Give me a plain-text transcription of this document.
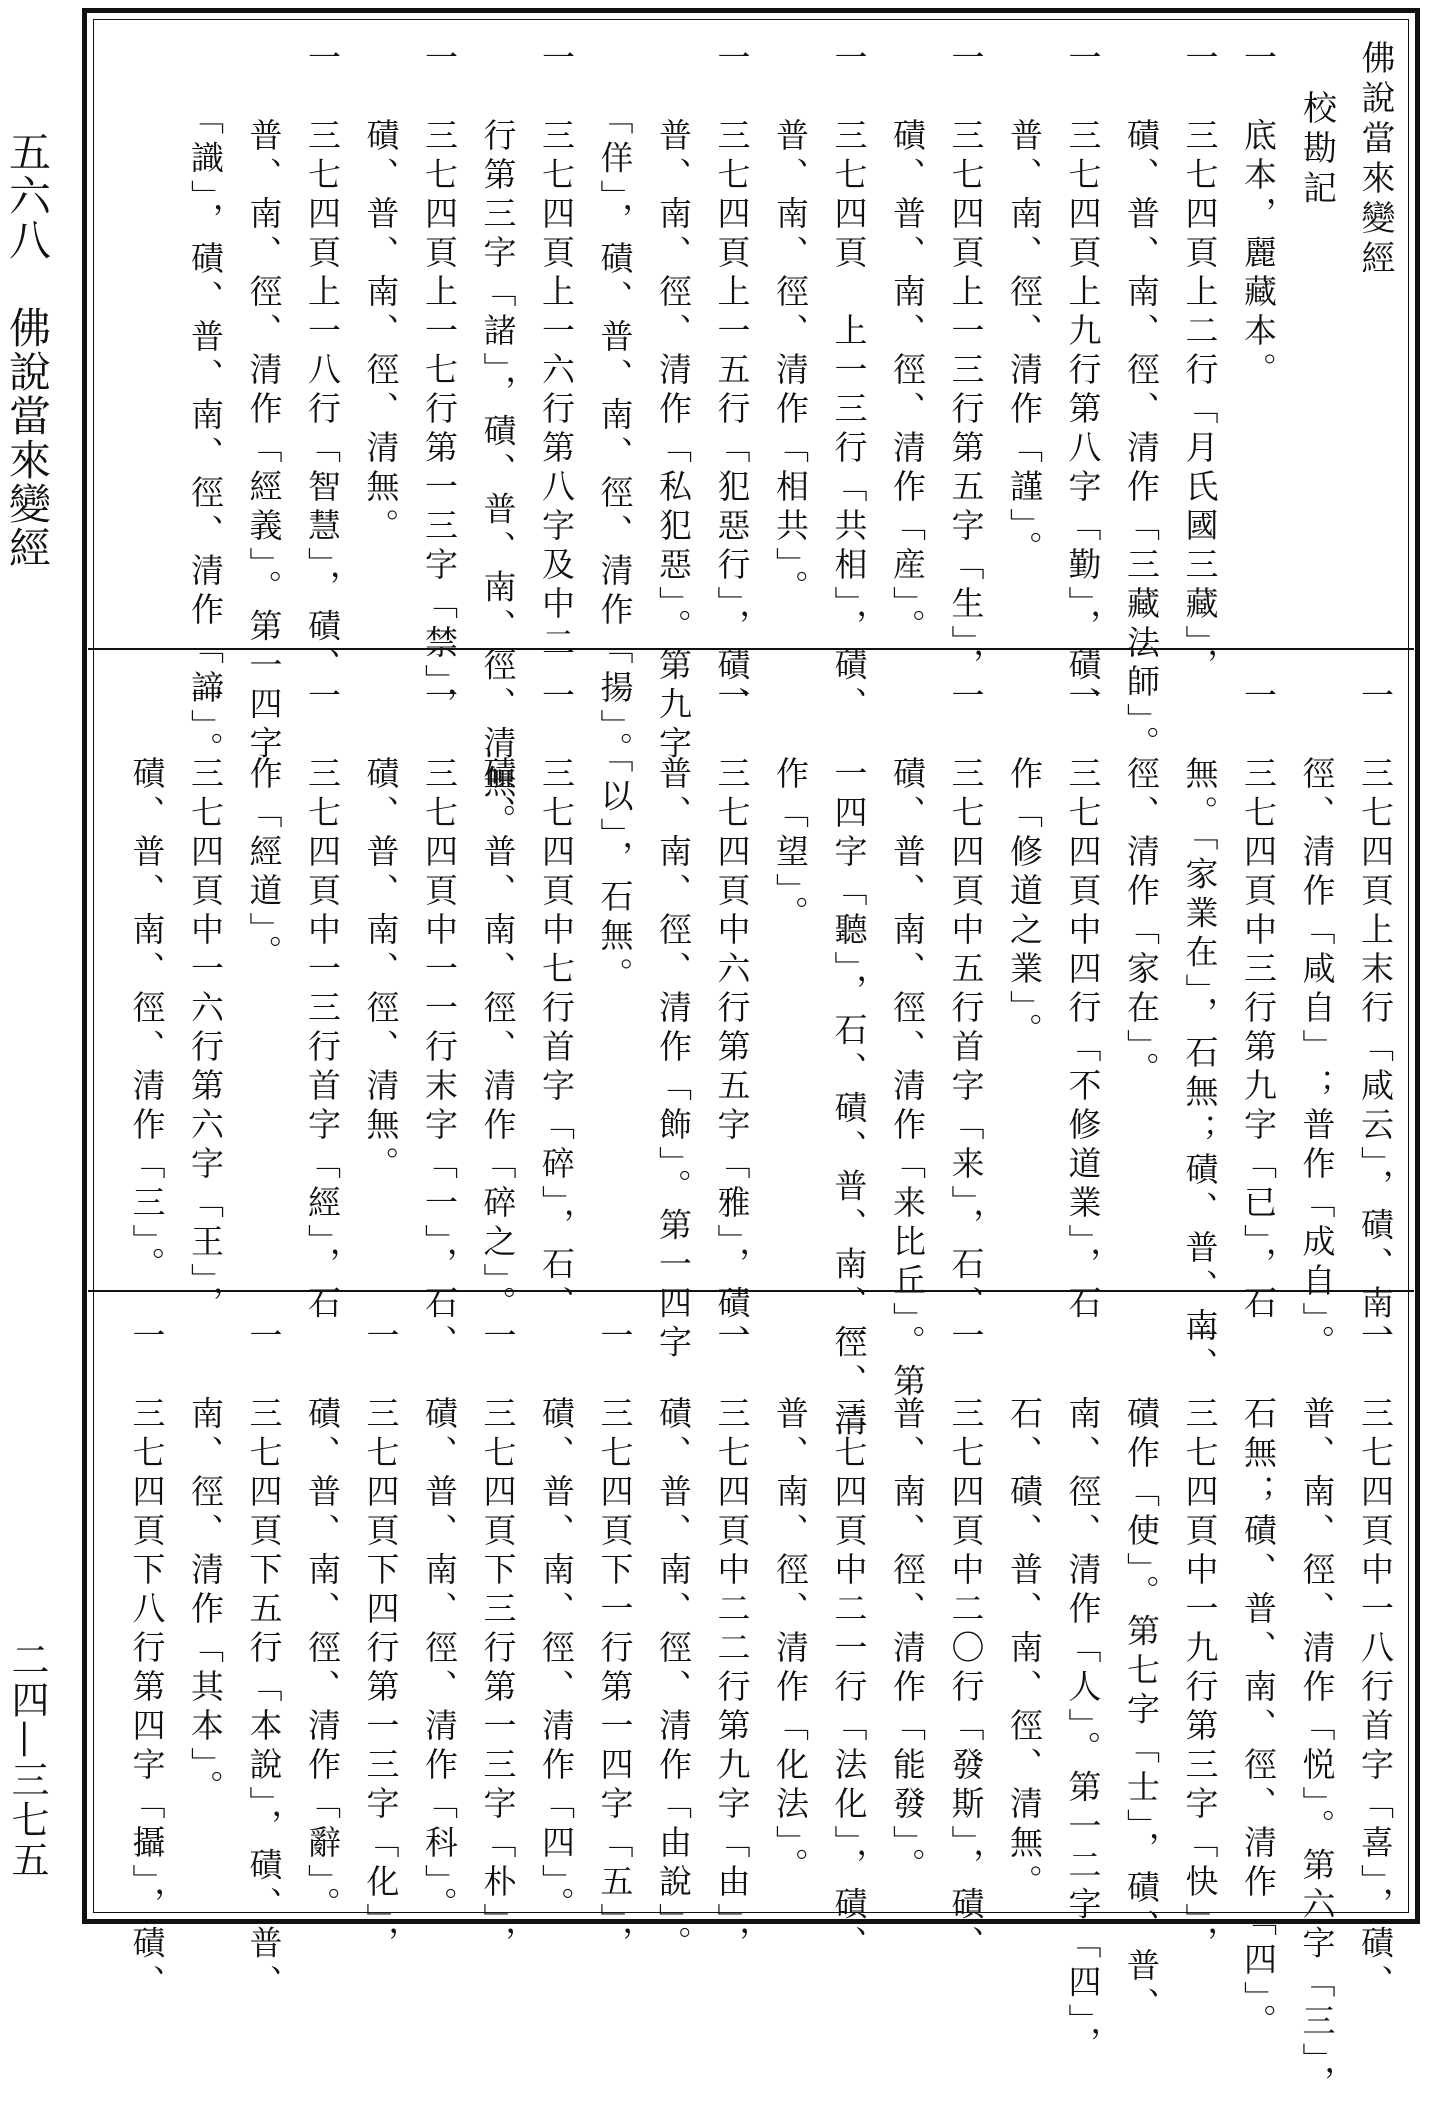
五六八　佛說當來變經
二四—三七五
佛說當來變經
校勘記
一　底本，麗藏本。
一　三七四頁上二行「月氏國三藏」，
　　磧、普、南、徑、清作「三藏法師」。
一　三七四頁上九行第八字「勤」，磧、
　　普、南、徑、清作「謹」。
一　三七四頁上一三行第五字「生」，
　　磧、普、南、徑、清作「産」。
一　三七四頁　上一三行「共相」，磧、
　　普、南、徑、清作「相共」。
一　三七四頁上一五行「犯惡行」，磧、
　　普、南、徑、清作「私犯惡」。第九字
　　「佯」，磧、普、南、徑、清作「揚」。
一　三七四頁上一六行第八字及中二
　　行第三字「諸」，磧、普、南、徑、清無。
一　三七四頁上一七行第一三字「禁」，
　　磧、普、南、徑、清無。
一　三七四頁上一八行「智慧」，磧、
　　普、南、徑、清作「經義」。第一四字
　　「識」，磧、普、南、徑、清作「諦」。
一　三七四頁上末行「咸云」，磧、南、
　　徑、清作「咸自」；普作「成自」。
一　三七四頁中三行第九字「已」，石
　　無。「家業在」，石無；磧、普、南、
　　徑、清作「家在」。
一　三七四頁中四行「不修道業」，石
　　作「修道之業」。
一　三七四頁中五行首字「来」，石、
　　磧、普、南、徑、清作「来比丘」。第
　　一四字「聽」，石、磧、普、南、徑、清
　　作「望」。
一　三七四頁中六行第五字「雅」，磧、
　　普、南、徑、清作「飾」。第一四字
　　「以」，石無。
一　三七四頁中七行首字「碎」，石、
　　磧、普、南、徑、清作「碎之」。
一　三七四頁中一一行末字「一」，石、
　　磧、普、南、徑、清無。
一　三七四頁中一三行首字「經」，石
　　作「經道」。
一　三七四頁中一六行第六字「王」，
　　磧、普、南、徑、清作「三」。
一　三七四頁中一八行首字「喜」，磧、
　　普、南、徑、清作「悦」。第六字「三」，
　　石無；磧、普、南、徑、清作「四」。
一　三七四頁中一九行第三字「快」，
　　磧作「使」。第七字「士」，磧、普、
　　南、徑、清作「人」。第一二字「四」，
　　石、磧、普、南、徑、清無。
一　三七四頁中二〇行「發斯」，磧、
　　普、南、徑、清作「能發」。
一　三七四頁中二一行「法化」，磧、
　　普、南、徑、清作「化法」。
一　三七四頁中二二行第九字「由」，
　　磧、普、南、徑、清作「由說」。
一　三七四頁下一行第一四字「五」，
　　磧、普、南、徑、清作「四」。
一　三七四頁下三行第一三字「朴」，
　　磧、普、南、徑、清作「科」。
一　三七四頁下四行第一三字「化」，
　　磧、普、南、徑、清作「辭」。
一　三七四頁下五行「本說」，磧、普、
　　南、徑、清作「其本」。
一　三七四頁下八行第四字「攝」，磧、
